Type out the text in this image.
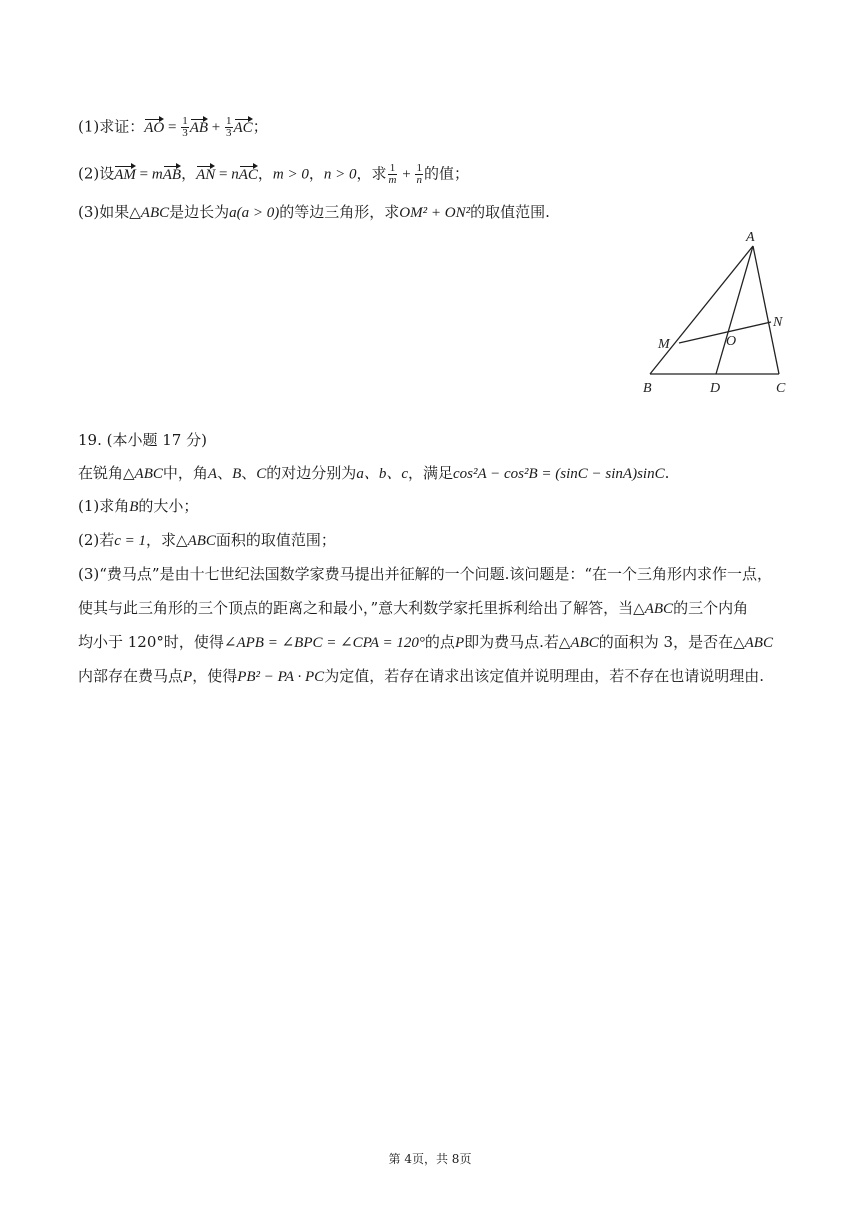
(1)求证：AO = $\frac{1}{3}$ AB + $\frac{1}{3}$ AC；
(2)设AM = mAB，AN = nAC，m > 0，n > 0，求 $\frac{1}{m} + \frac{1}{n}$ 的值；
(3)如果△ABC是边长为a(a > 0)的等边三角形，求OM² + ON²的取值范围.
A
B	C
D
M
N
O
19. (本小题 17 分)
在锐角△ABC中，角A、B、C的对边分别为a、b、c，满足cos²A − cos²B = (sinC − sinA)sinC.
(1)求角B的大小；
(2)若c = 1，求△ABC面积的取值范围；
(3)“费马点”是由十七世纪法国数学家费马提出并征解的一个问题.该问题是：“在一个三角形内求作一点，
使其与此三角形的三个顶点的距离之和最小，”意大利数学家托里拆利给出了解答，当△ABC的三个内角
均小于 120°时，使得∠APB = ∠BPC = ∠CPA = 120°的点P即为费马点.若△ABC的面积为 3，是否在△ABC
内部存在费马点P，使得PB² − PA · PC为定值，若存在请求出该定值并说明理由，若不存在也请说明理由.
第 4页，共 8页
